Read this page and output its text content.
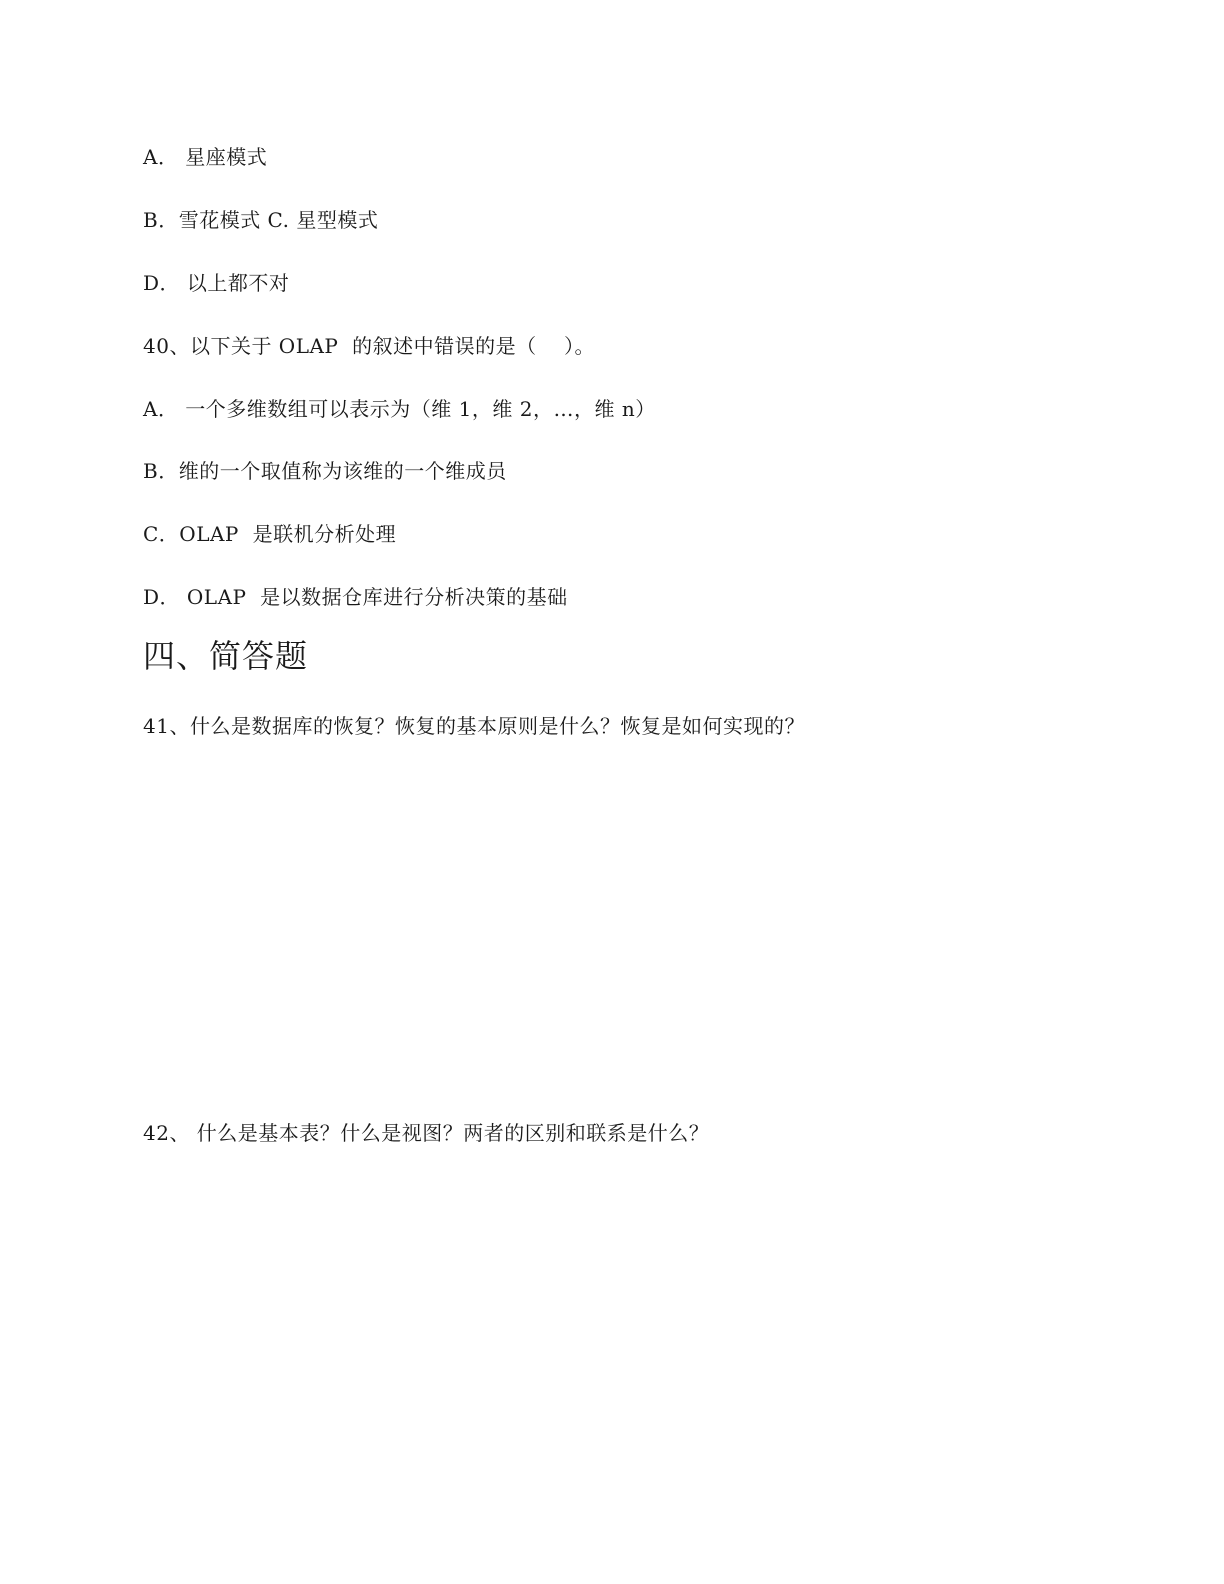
A． 星座模式
B．雪花模式 C. 星型模式
D． 以上都不对
40、以下关于 OLAP  的叙述中错误的是（    ）。
A． 一个多维数组可以表示为（维 1，维 2，…，维 n）
B．维的一个取值称为该维的一个维成员
C．OLAP  是联机分析处理
D． OLAP  是以数据仓库进行分析决策的基础
四、简答题
41、什么是数据库的恢复？恢复的基本原则是什么？恢复是如何实现的？
42、 什么是基本表？什么是视图？两者的区别和联系是什么？
